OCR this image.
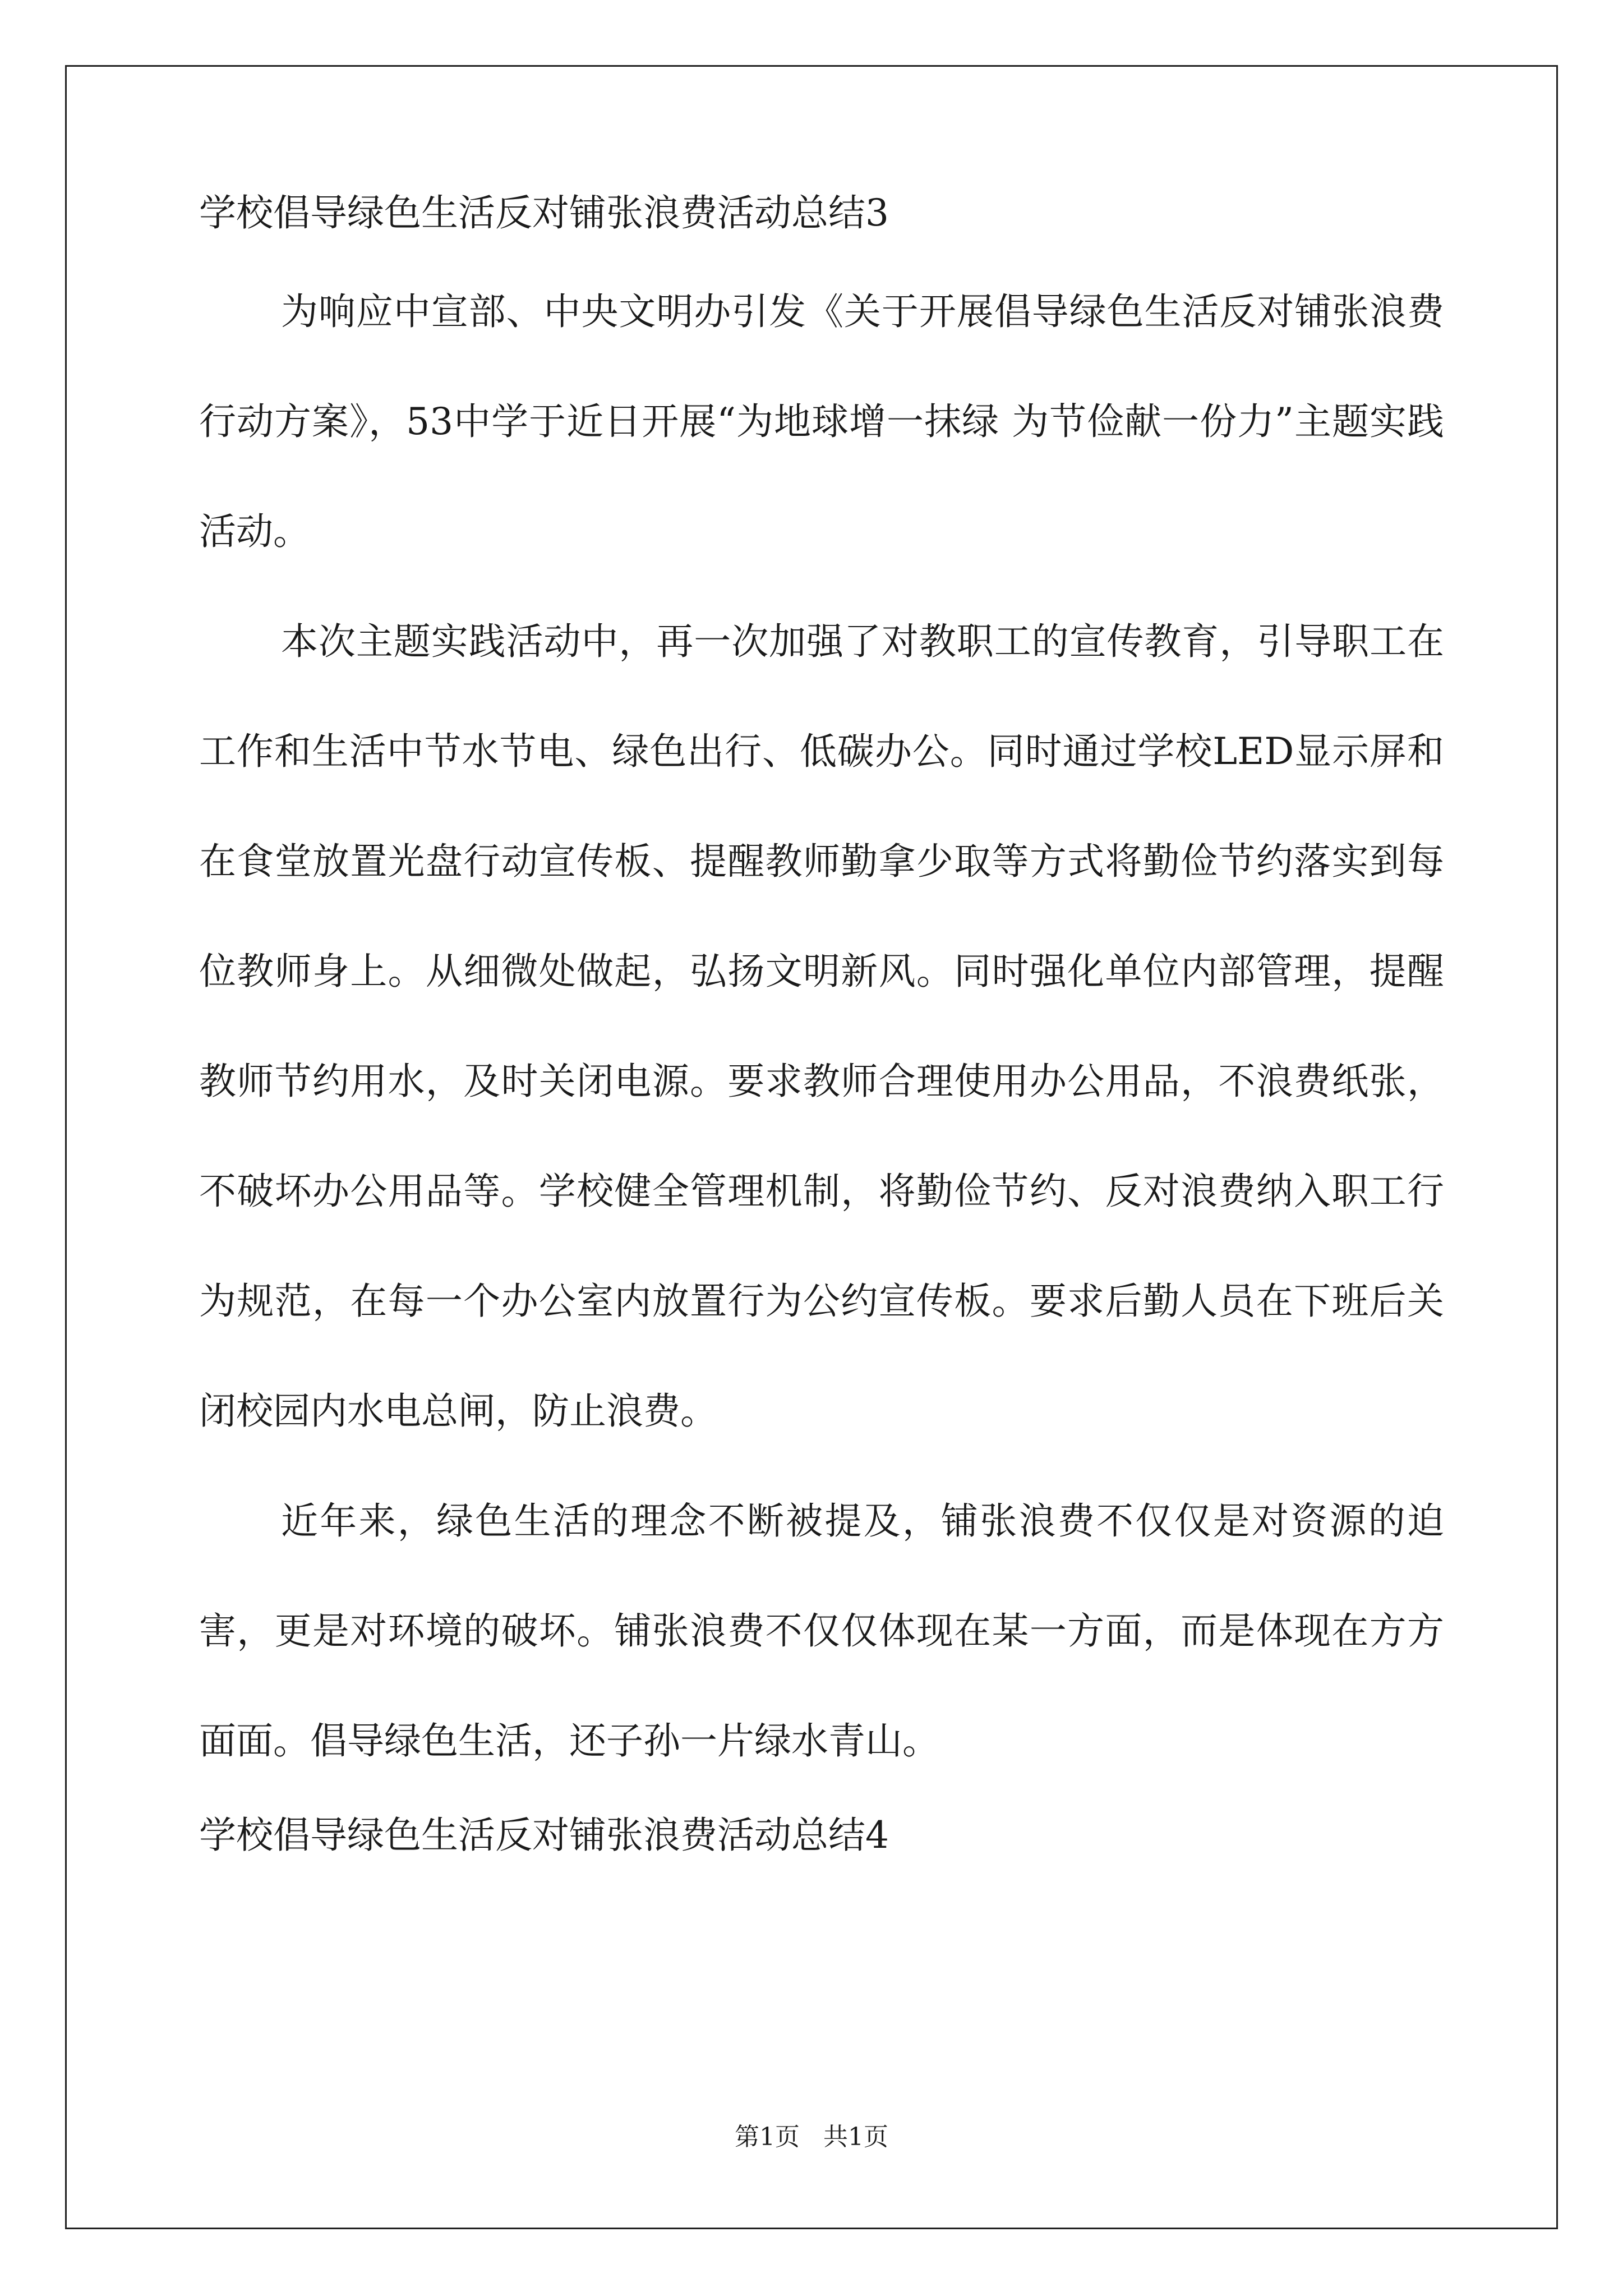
学校倡导绿色生活反对铺张浪费活动总结3

为响应中宣部、中央文明办引发《关于开展倡导绿色生活反对铺张浪费行动方案》，53中学于近日开展“为地球增一抹绿 为节俭献一份力”主题实践活动。

本次主题实践活动中，再一次加强了对教职工的宣传教育，引导职工在工作和生活中节水节电、绿色出行、低碳办公。同时通过学校LED显示屏和在食堂放置光盘行动宣传板、提醒教师勤拿少取等方式将勤俭节约落实到每位教师身上。从细微处做起，弘扬文明新风。同时强化单位内部管理，提醒教师节约用水，及时关闭电源。要求教师合理使用办公用品，不浪费纸张，不破坏办公用品等。学校健全管理机制，将勤俭节约、反对浪费纳入职工行为规范，在每一个办公室内放置行为公约宣传板。要求后勤人员在下班后关闭校园内水电总闸，防止浪费。

近年来，绿色生活的理念不断被提及，铺张浪费不仅仅是对资源的迫害，更是对环境的破坏。铺张浪费不仅仅体现在某一方面，而是体现在方方面面。倡导绿色生活，还子孙一片绿水青山。

学校倡导绿色生活反对铺张浪费活动总结4

第1页   共1页
